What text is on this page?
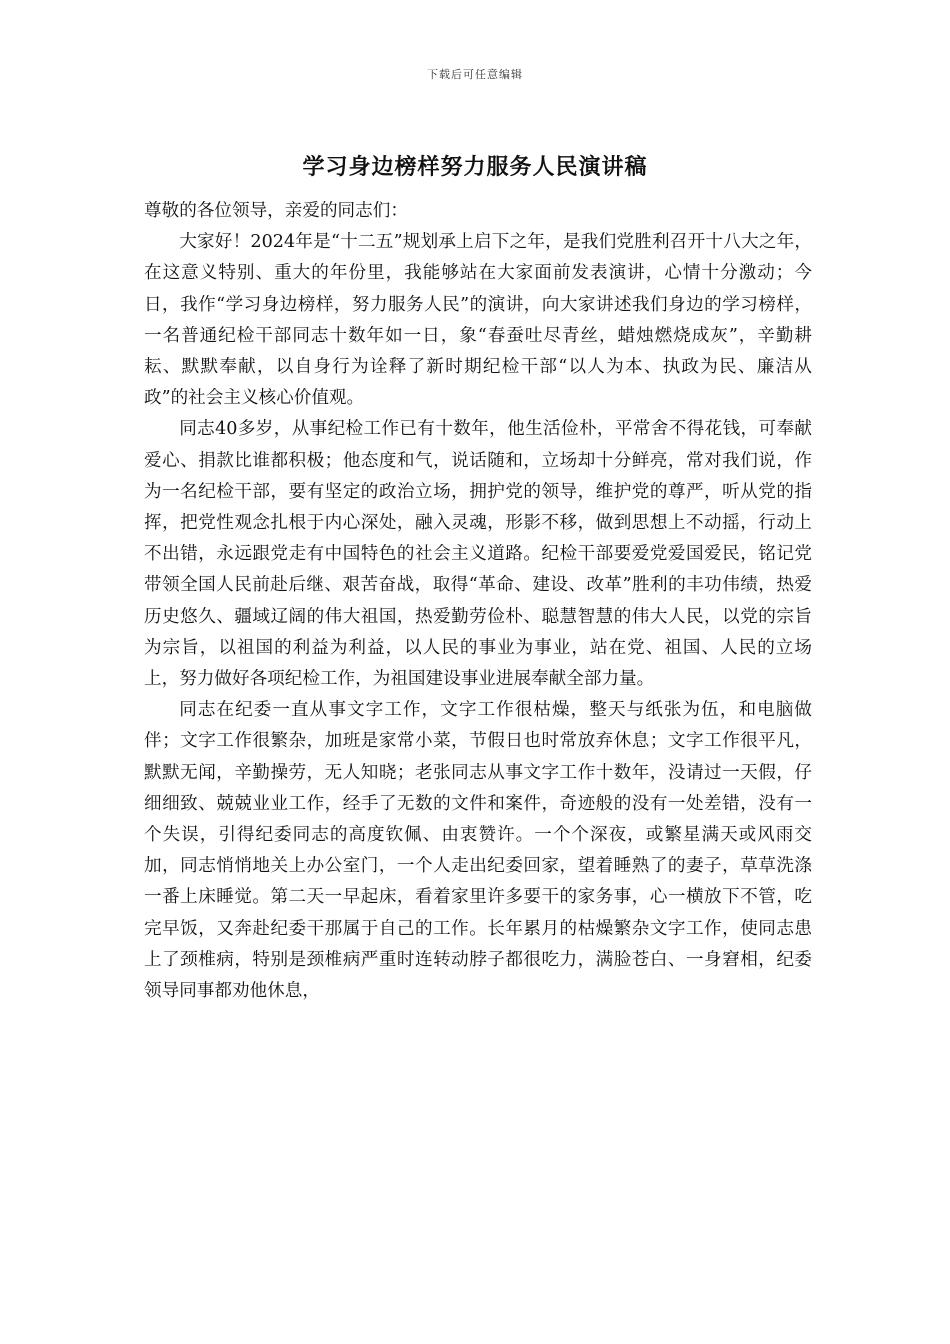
下载后可任意编辑
学习身边榜样努力服务人民演讲稿

尊敬的各位领导，亲爱的同志们：

大家好！2024年是“十二五”规划承上启下之年，是我们党胜利召开十八大之年，在这意义特别、重大的年份里，我能够站在大家面前发表演讲，心情十分激动；今日，我作“学习身边榜样，努力服务人民”的演讲，向大家讲述我们身边的学习榜样，一名普通纪检干部同志十数年如一日，象“春蚕吐尽青丝，蜡烛燃烧成灰”，辛勤耕耘、默默奉献，以自身行为诠释了新时期纪检干部“以人为本、执政为民、廉洁从政”的社会主义核心价值观。

同志40多岁，从事纪检工作已有十数年，他生活俭朴，平常舍不得花钱，可奉献爱心、捐款比谁都积极；他态度和气，说话随和，立场却十分鲜亮，常对我们说，作为一名纪检干部，要有坚定的政治立场，拥护党的领导，维护党的尊严，听从党的指挥，把党性观念扎根于内心深处，融入灵魂，形影不移，做到思想上不动摇，行动上不出错，永远跟党走有中国特色的社会主义道路。纪检干部要爱党爱国爱民，铭记党带领全国人民前赴后继、艰苦奋战，取得“革命、建设、改革”胜利的丰功伟绩，热爱历史悠久、疆域辽阔的伟大祖国，热爱勤劳俭朴、聪慧智慧的伟大人民，以党的宗旨为宗旨，以祖国的利益为利益，以人民的事业为事业，站在党、祖国、人民的立场上，努力做好各项纪检工作，为祖国建设事业进展奉献全部力量。

同志在纪委一直从事文字工作，文字工作很枯燥，整天与纸张为伍，和电脑做伴；文字工作很繁杂，加班是家常小菜，节假日也时常放弃休息；文字工作很平凡，默默无闻，辛勤操劳，无人知晓；老张同志从事文字工作十数年，没请过一天假，仔细细致、兢兢业业工作，经手了无数的文件和案件，奇迹般的没有一处差错，没有一个失误，引得纪委同志的高度钦佩、由衷赞许。一个个深夜，或繁星满天或风雨交加，同志悄悄地关上办公室门，一个人走出纪委回家，望着睡熟了的妻子，草草洗涤一番上床睡觉。第二天一早起床，看着家里许多要干的家务事，心一横放下不管，吃完早饭，又奔赴纪委干那属于自己的工作。长年累月的枯燥繁杂文字工作，使同志患上了颈椎病，特别是颈椎病严重时连转动脖子都很吃力，满脸苍白、一身窘相，纪委领导同事都劝他休息，
